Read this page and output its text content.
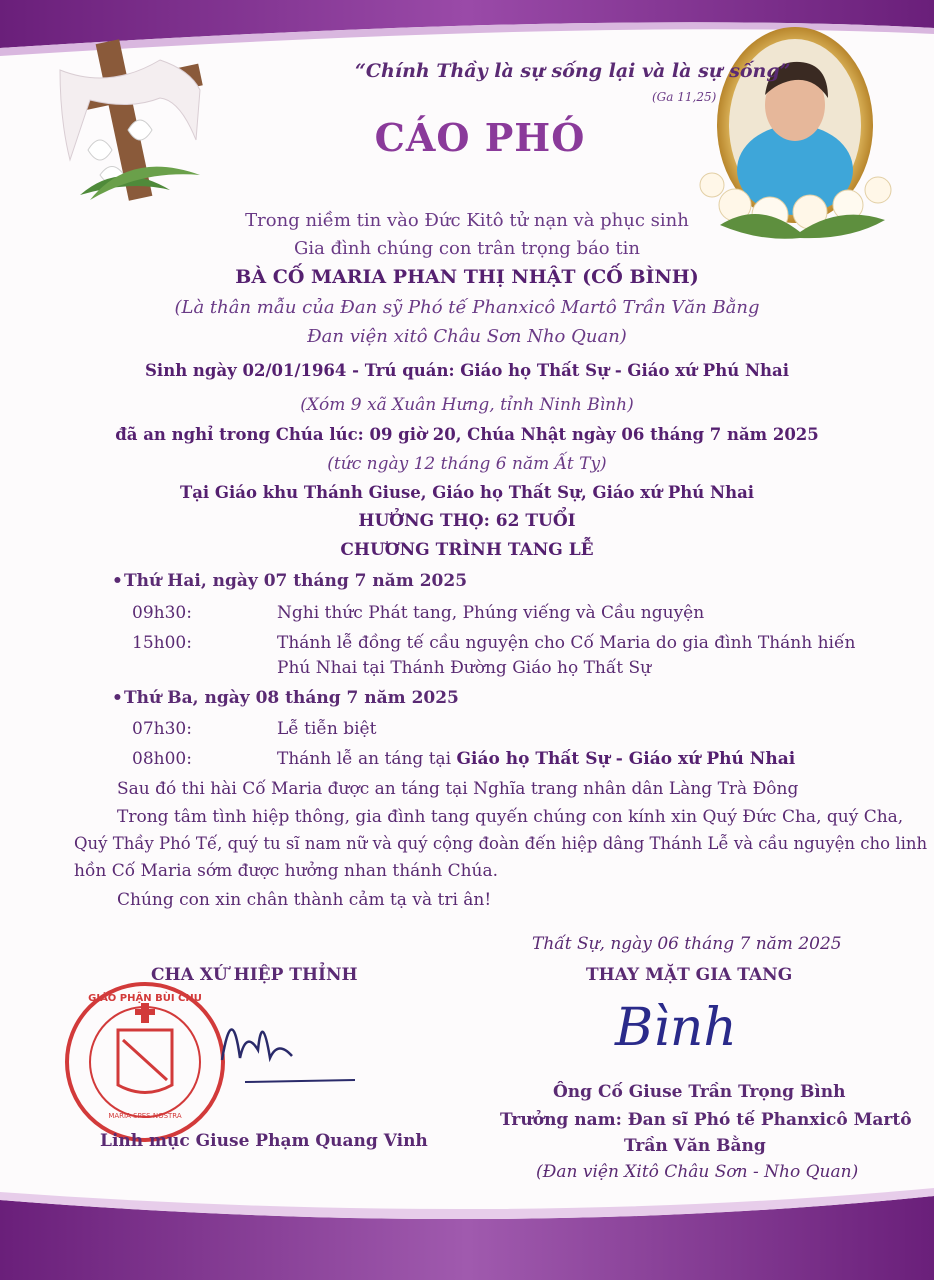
GIÁO PHẬN BÙI CHU
MARIA SPES NOSTRA
“Chính Thầy là sự sống lại và là sự sống”
(Ga 11,25)
CÁO PHÓ
Trong niềm tin vào Đức Kitô tử nạn và phục sinh
Gia đình chúng con trân trọng báo tin
BÀ CỐ MARIA PHAN THỊ NHẬT (CỐ BÌNH)
(Là thân mẫu của Đan sỹ Phó tế Phanxicô Martô Trần Văn Bằng
Đan viện xitô Châu Sơn Nho Quan)
Sinh ngày 02/01/1964 - Trú quán: Giáo họ Thất Sự - Giáo xứ Phú Nhai
(Xóm 9 xã Xuân Hưng, tỉnh Ninh Bình)
đã an nghỉ trong Chúa lúc: 09 giờ 20, Chúa Nhật ngày 06 tháng 7 năm 2025
(tức ngày 12 tháng 6 năm Ất Tỵ)
Tại Giáo khu Thánh Giuse, Giáo họ Thất Sự, Giáo xứ Phú Nhai
HƯỞNG THỌ: 62 TUỔI
CHƯƠNG TRÌNH TANG LỄ
• Thứ Hai, ngày 07 tháng 7 năm 2025
09h30:	Nghi thức Phát tang, Phúng viếng và Cầu nguyện
15h00:	Thánh lễ đồng tế cầu nguyện cho Cố Maria do gia đình Thánh hiến
Phú Nhai tại Thánh Đường Giáo họ Thất Sự
• Thứ Ba, ngày 08 tháng 7 năm 2025
07h30:	Lễ tiễn biệt
08h00:	Thánh lễ an táng tại Giáo họ Thất Sự - Giáo xứ Phú Nhai
Sau đó thi hài Cố Maria được an táng tại Nghĩa trang nhân dân Làng Trà Đông
Trong tâm tình hiệp thông, gia đình tang quyến chúng con kính xin Quý Đức Cha, quý Cha,
Quý Thầy Phó Tế, quý tu sĩ nam nữ và quý cộng đoàn đến hiệp dâng Thánh Lễ và cầu nguyện cho linh
hồn Cố Maria sớm được hưởng nhan thánh Chúa.
Chúng con xin chân thành cảm tạ và tri ân!
Thất Sự, ngày 06 tháng 7 năm 2025
CHA XỨ HIỆP THỈNH	THAY MẶT GIA TANG
Bình
Linh mục Giuse Phạm Quang Vinh
Ông Cố Giuse Trần Trọng Bình
Trưởng nam: Đan sĩ Phó tế Phanxicô Martô
Trần Văn Bằng
(Đan viện Xitô Châu Sơn - Nho Quan)
